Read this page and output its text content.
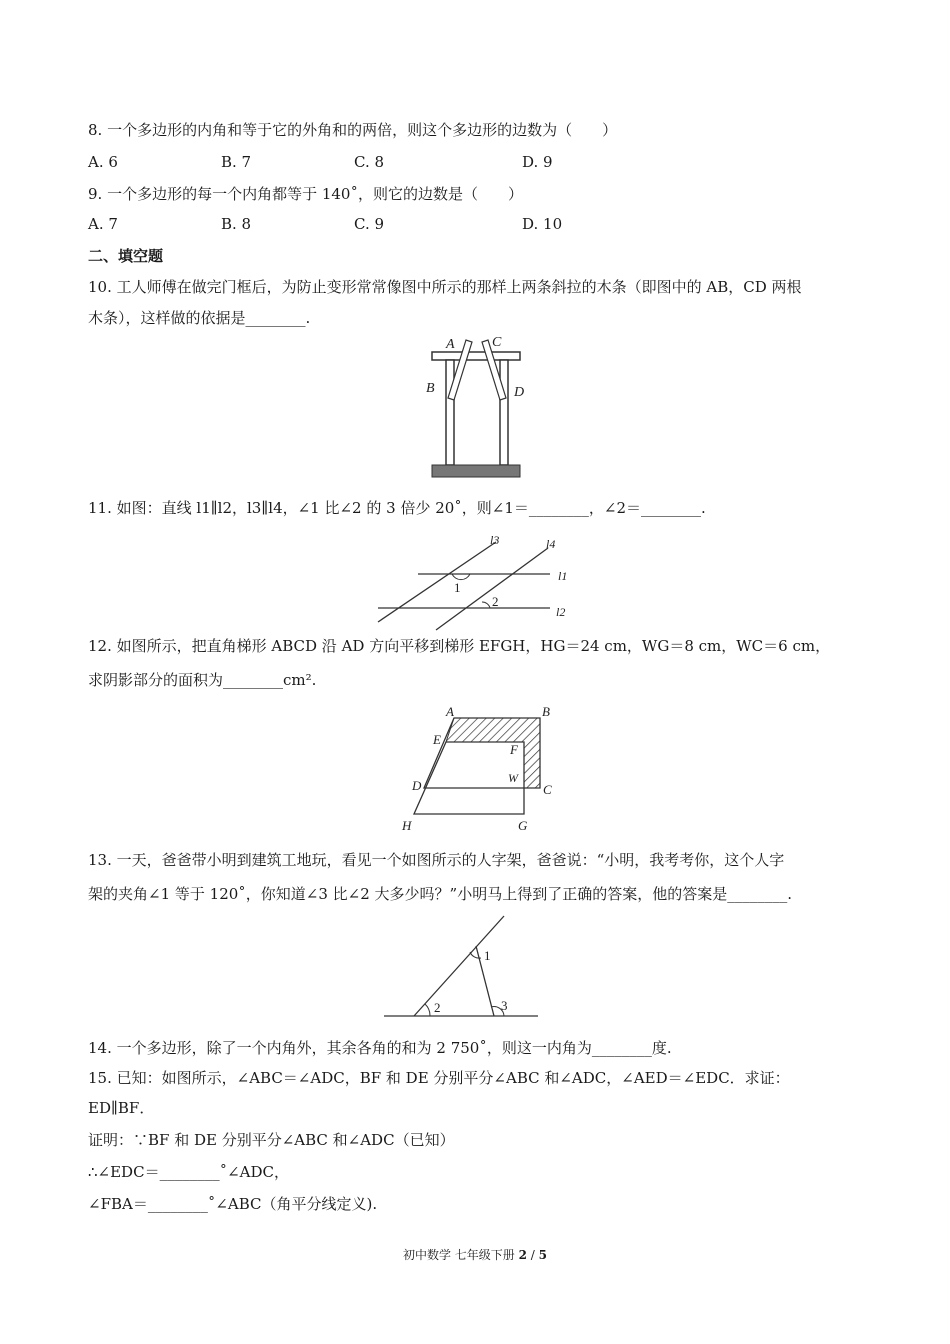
8. 一个多边形的内角和等于它的外角和的两倍，则这个多边形的边数为（　　）
A. 6	B. 7	C. 8	D. 9
9. 一个多边形的每一个内角都等于 140˚，则它的边数是（　　）
A. 7	B. 8	C. 9	D. 10
二、填空题
10. 工人师傅在做完门框后，为防止变形常常像图中所示的那样上两条斜拉的木条（即图中的 AB，CD 两根
木条），这样做的依据是________.
A
B
C
D
11. 如图：直线 l1∥l2，l3∥l4，∠1 比∠2 的 3 倍少 20˚，则∠1＝________，∠2＝________.
l3	l4
l1
l2
1
2
12. 如图所示，把直角梯形 ABCD 沿 AD 方向平移到梯形 EFGH，HG＝24 cm，WG＝8 cm，WC＝6 cm，
求阴影部分的面积为________cm².
A	B
E
F
W
D	C
H	G
13. 一天，爸爸带小明到建筑工地玩，看见一个如图所示的人字架，爸爸说：“小明，我考考你，这个人字
架的夹角∠1 等于 120˚，你知道∠3 比∠2 大多少吗？”小明马上得到了正确的答案，他的答案是________.
1
2	3
14. 一个多边形，除了一个内角外，其余各角的和为 2 750˚，则这一内角为________度.
15. 已知：如图所示，∠ABC＝∠ADC，BF 和 DE 分别平分∠ABC 和∠ADC，∠AED＝∠EDC．求证：
ED∥BF．
证明：∵BF 和 DE 分别平分∠ABC 和∠ADC（已知）
∴∠EDC＝________˚∠ADC，
∠FBA＝________˚∠ABC（角平分线定义).
初中数学 七年级下册 2 / 5
